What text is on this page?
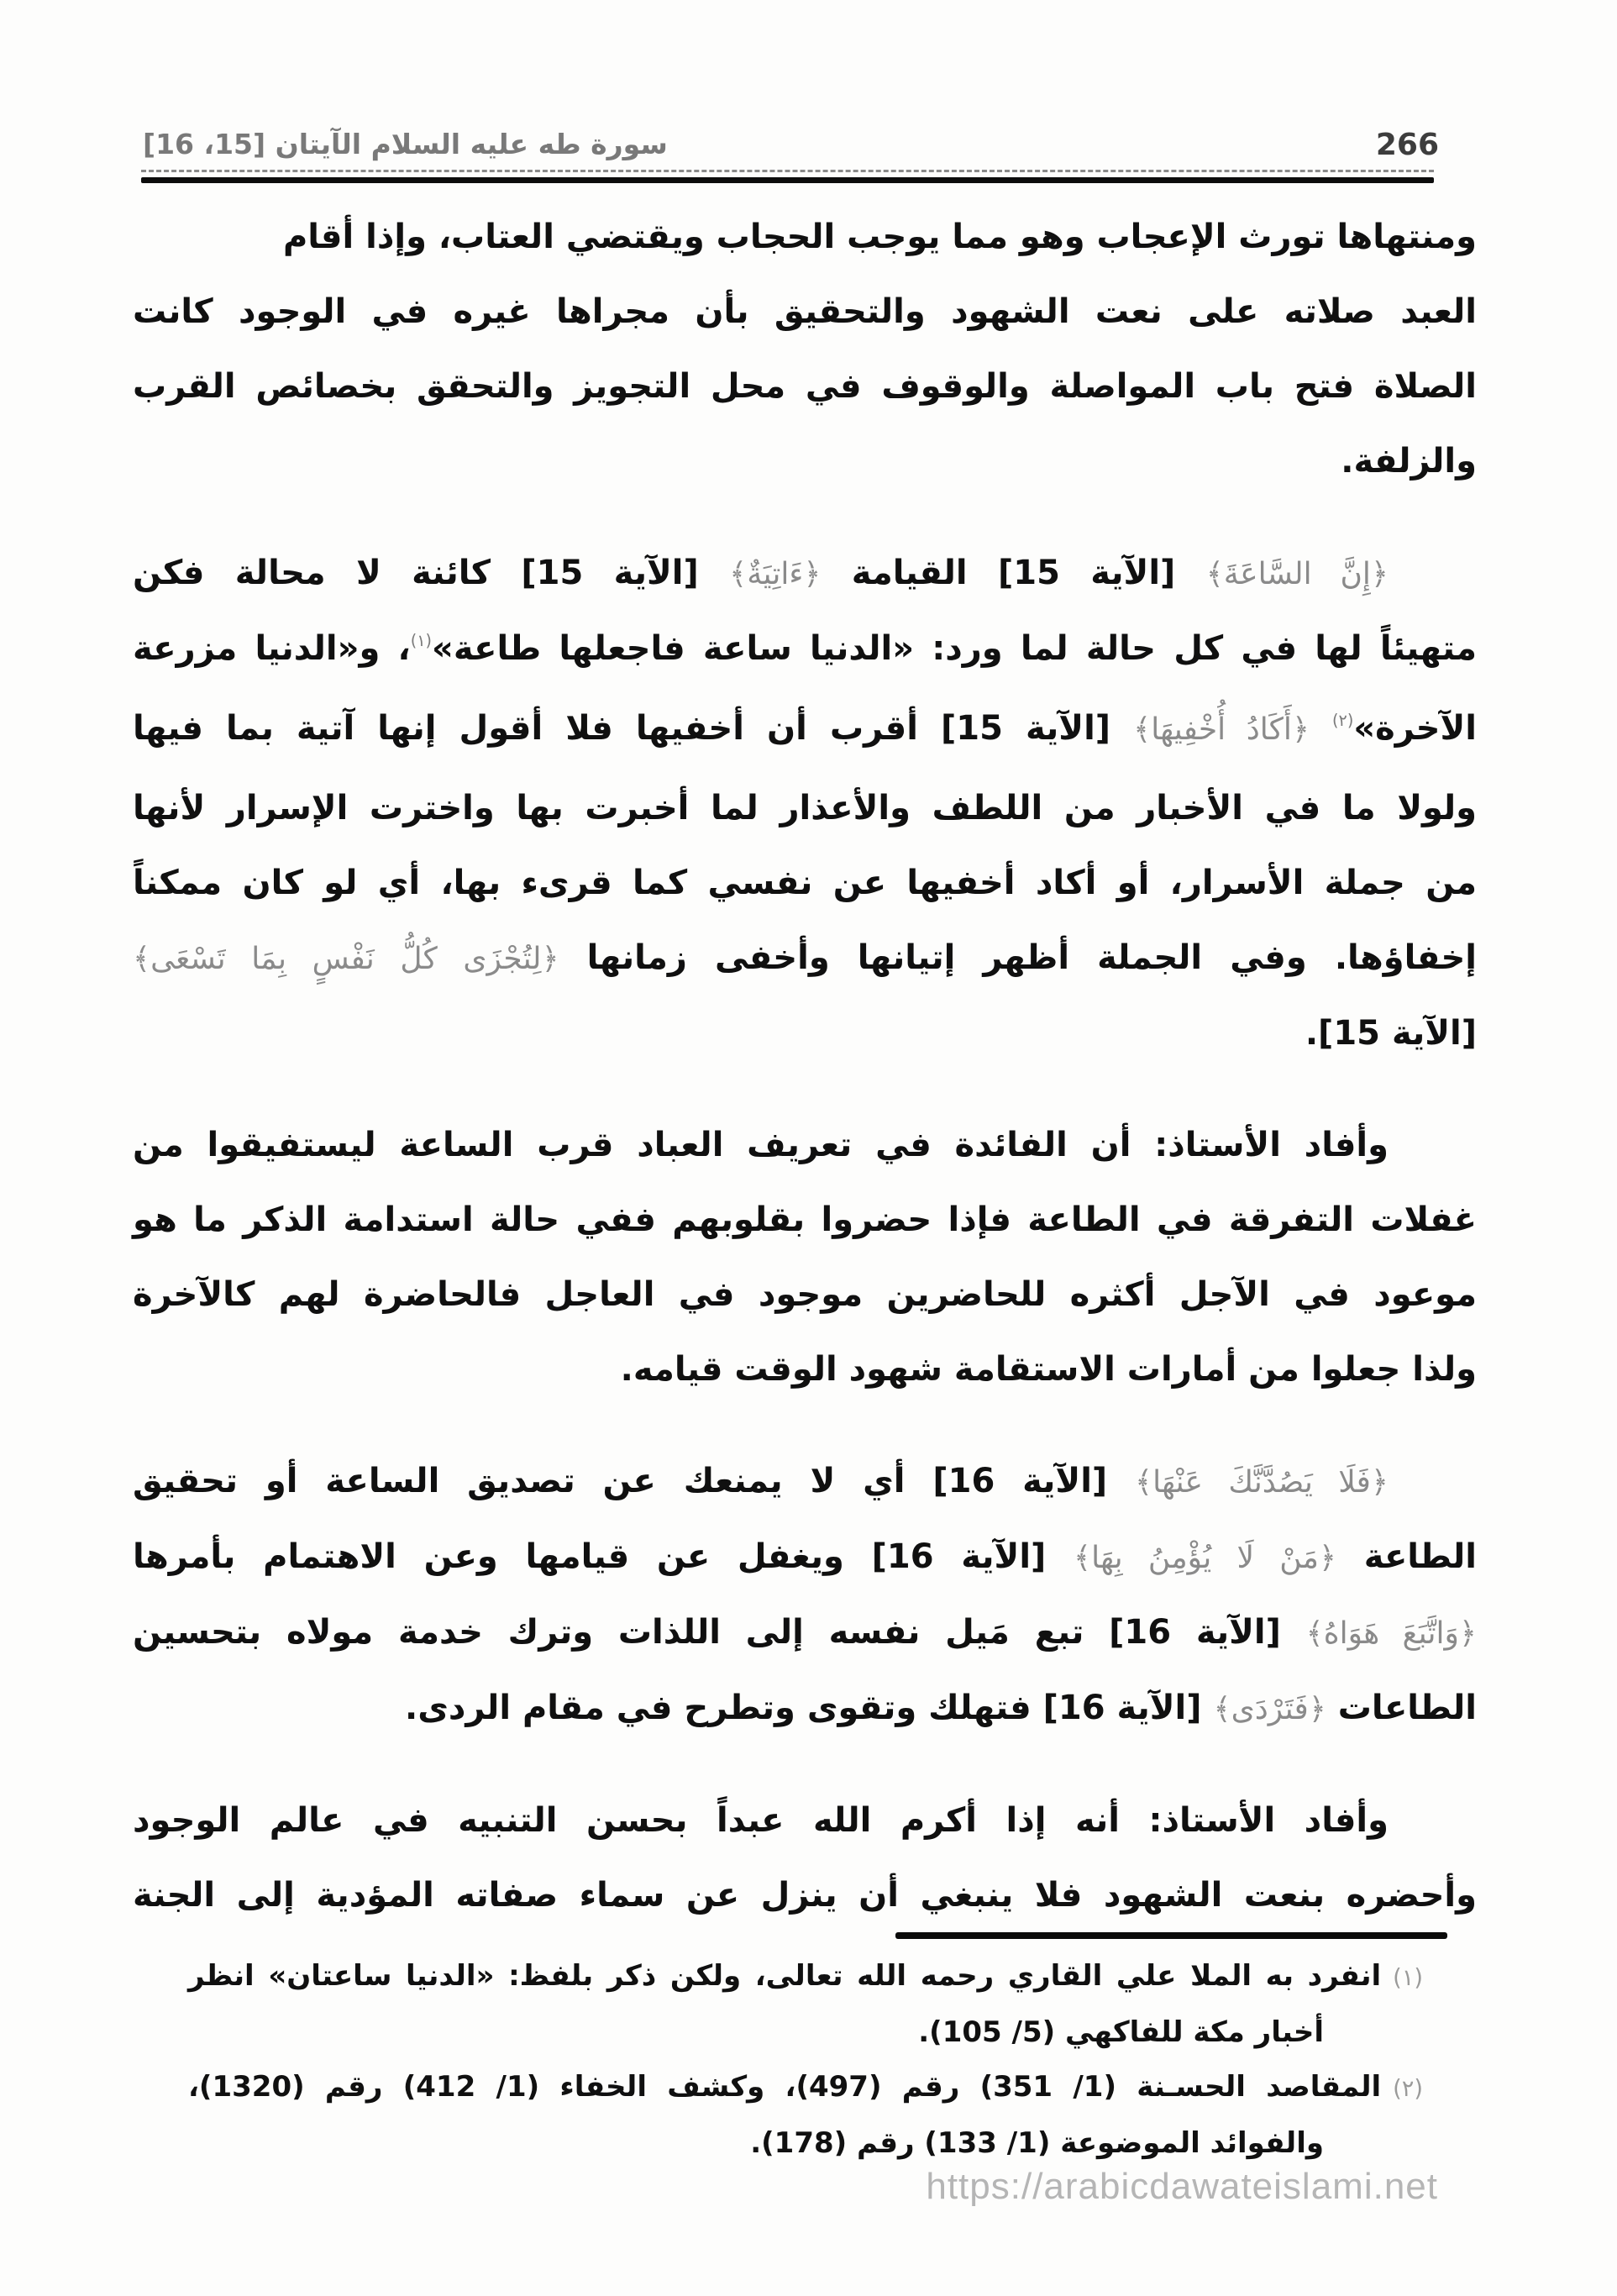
سورة طه عليه السلام الآيتان [15، 16]	266
ومنتهاها تورث الإعجاب وهو مما يوجب الحجاب ويقتضي العتاب، وإذا أقام
العبد صلاته على نعت الشهود والتحقيق بأن مجراها غيره في الوجود كانت
الصلاة فتح باب المواصلة والوقوف في محل التجويز والتحقق بخصائص القرب
والزلفة.
﴿إِنَّ السَّاعَةَ﴾ [الآية 15] القيامة ﴿ءَاتِيَةٌ﴾ [الآية 15] كائنة لا محالة فكن
متهيئاً لها في كل حالة لما ورد: «الدنيا ساعة فاجعلها طاعة»$^{(١)}$، و«الدنيا مزرعة
الآخرة»$^{(٢)}$ ﴿أَكَادُ أُخْفِيهَا﴾ [الآية 15] أقرب أن أخفيها فلا أقول إنها آتية بما فيها
ولولا ما في الأخبار من اللطف والأعذار لما أخبرت بها واخترت الإسرار لأنها
من جملة الأسرار، أو أكاد أخفيها عن نفسي كما قرىء بها، أي لو كان ممكناً
إخفاؤها. وفي الجملة أظهر إتيانها وأخفى زمانها ﴿لِتُجْزَى كُلُّ نَفْسٍ بِمَا تَسْعَى﴾
[الآية 15].
وأفاد الأستاذ: أن الفائدة في تعريف العباد قرب الساعة ليستفيقوا من
غفلات التفرقة في الطاعة فإذا حضروا بقلوبهم ففي حالة استدامة الذكر ما هو
موعود في الآجل أكثره للحاضرين موجود في العاجل فالحاضرة لهم كالآخرة
ولذا جعلوا من أمارات الاستقامة شهود الوقت قيامه.
﴿فَلَا يَصُدَّنَّكَ عَنْهَا﴾ [الآية 16] أي لا يمنعك عن تصديق الساعة أو تحقيق
الطاعة ﴿مَنْ لَا يُؤْمِنُ بِهَا﴾ [الآية 16] ويغفل عن قيامها وعن الاهتمام بأمرها
﴿وَاتَّبَعَ هَوَاهُ﴾ [الآية 16] تبع مَيل نفسه إلى اللذات وترك خدمة مولاه بتحسين
الطاعات ﴿فَتَرْدَى﴾ [الآية 16] فتهلك وتقوى وتطرح في مقام الردى.
وأفاد الأستاذ: أنه إذا أكرم الله عبداً بحسن التنبيه في عالم الوجود
وأحضره بنعت الشهود فلا ينبغي أن ينزل عن سماء صفاته المؤدية إلى الجنة
(١)انفرد به الملا علي القاري رحمه الله تعالى، ولكن ذكر بلفظ: «الدنيا ساعتان» انظر
أخبار مكة للفاكهي (5/ 105).
(٢)المقاصد الحسـنة (1/ 351) رقم (497)، وكشف الخفاء (1/ 412) رقم (1320)،
والفوائد الموضوعة (1/ 133) رقم (178).
https://arabicdawateislami.net
